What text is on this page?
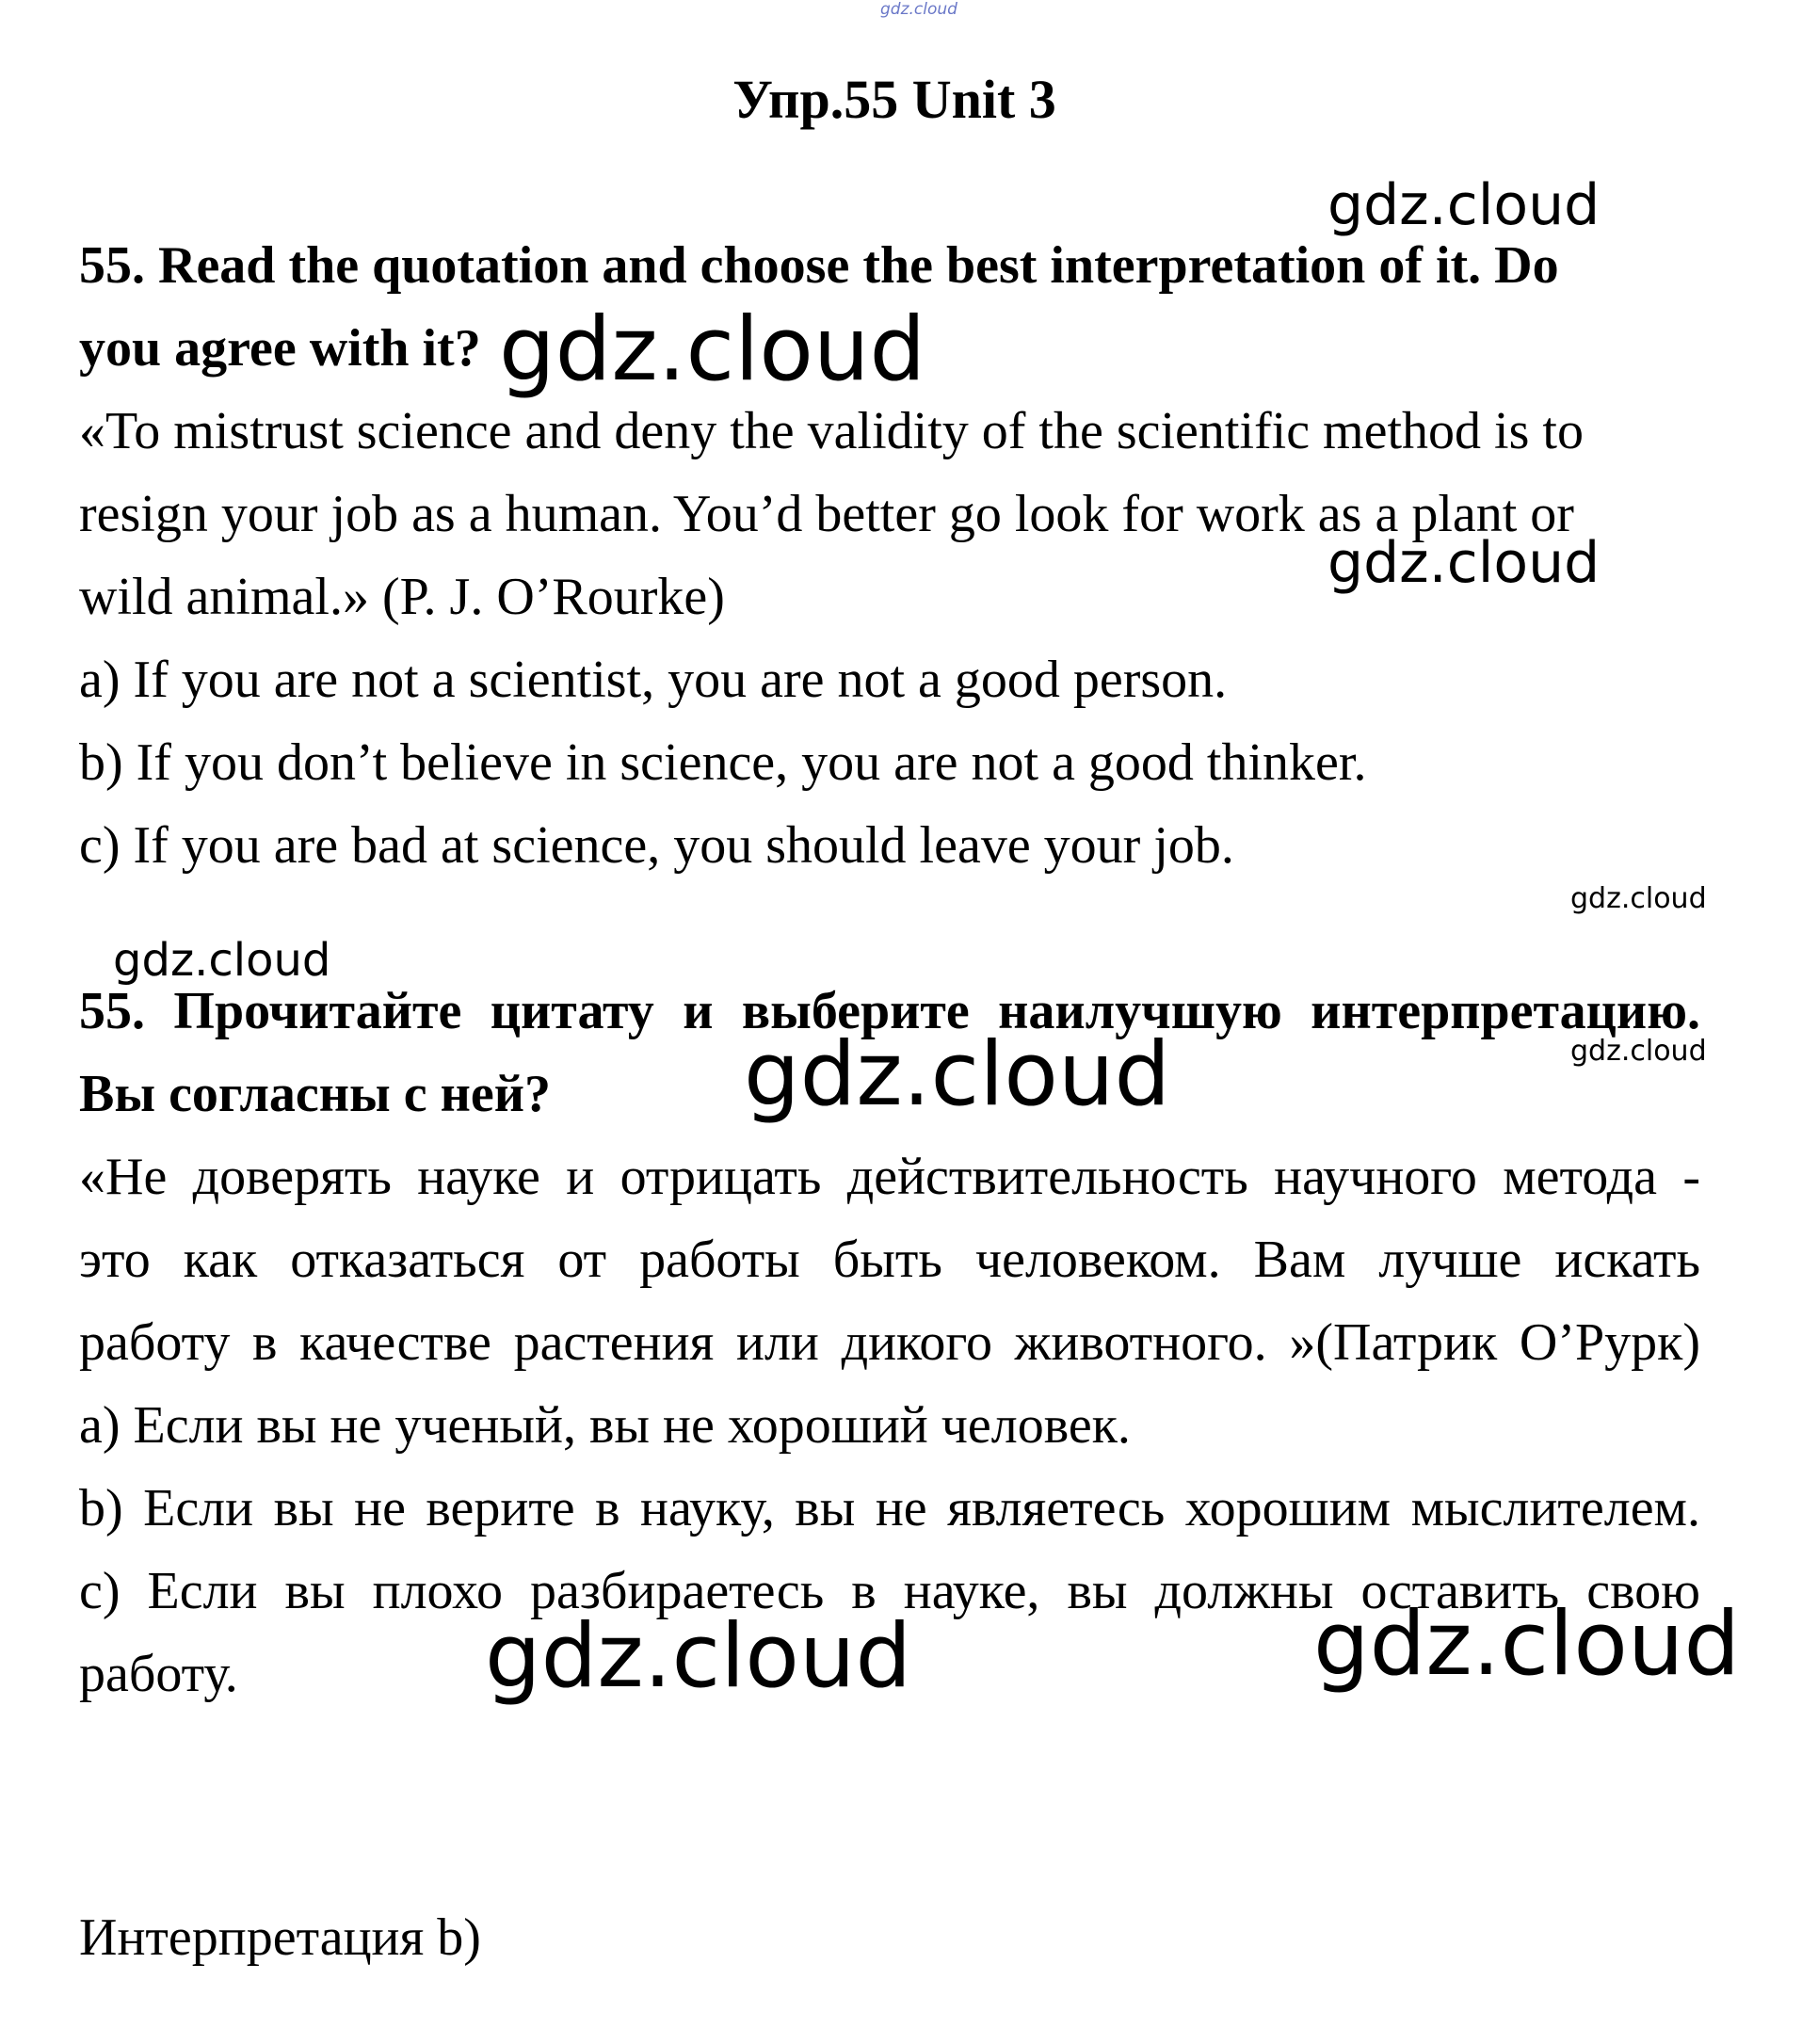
gdz.cloud
Упр.55 Unit 3
55. Read the quotation and choose the best interpretation of it. Do
you agree with it?
«To mistrust science and deny the validity of the scientific method is to
resign your job as a human. You’d better go look for work as a plant or
wild animal.» (P. J. O’Rourke)
a) If you are not a scientist, you are not a good person.
b) If you don’t believe in science, you are not a good thinker.
c) If you are bad at science, you should leave your job.
55. Прочитайте цитату и выберите наилучшую интерпретацию.
Вы согласны с ней?
«Не доверять науке и отрицать действительность научного метода -
это как отказаться от работы быть человеком. Вам лучше искать
работу в качестве растения или дикого животного. »(Патрик О’Рурк)
a) Если вы не ученый, вы не хороший человек.
b) Если вы не верите в науку, вы не являетесь хорошим мыслителем.
c) Если вы плохо разбираетесь в науке, вы должны оставить свою
работу.
Интерпретация b)
gdz.cloud
gdz.cloud
gdz.cloud
gdz.cloud
gdz.cloud
gdz.cloud
gdz.cloud
gdz.cloud	gdz.cloud
